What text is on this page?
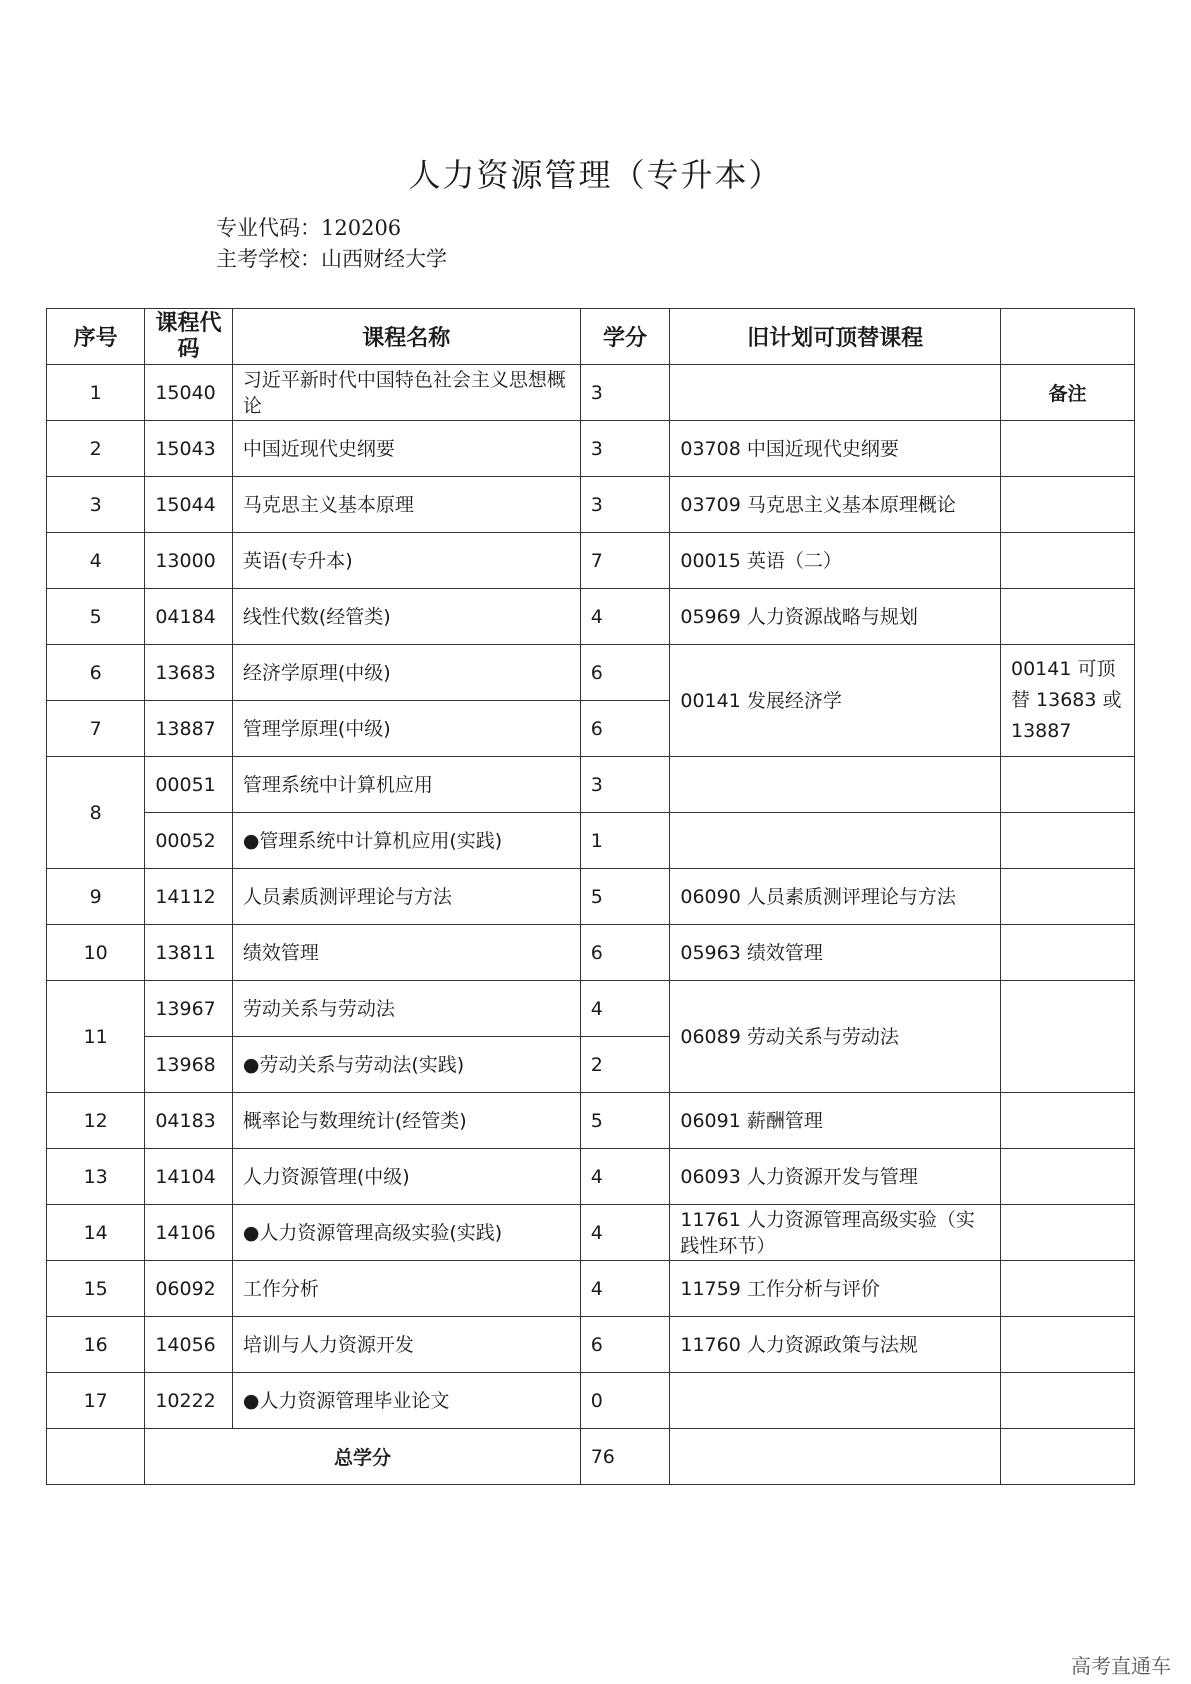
人力资源管理（专升本）
专业代码：120206
主考学校：山西财经大学
序号	课程代码	课程名称	学分	旧计划可顶替课程	
1	15040	习近平新时代中国特色社会主义思想概论	3		备注
2	15043	中国近现代史纲要	3	03708 中国近现代史纲要	
3	15044	马克思主义基本原理	3	03709 马克思主义基本原理概论	
4	13000	英语(专升本)	7	00015 英语（二）	
5	04184	线性代数(经管类)	4	05969 人力资源战略与规划	
6	13683	经济学原理(中级)	6	00141 发展经济学	00141 可顶替 13683 或 13887
7	13887	管理学原理(中级)	6		
8	00051	管理系统中计算机应用	3		
	00052	●管理系统中计算机应用(实践)	1		
9	14112	人员素质测评理论与方法	5	06090 人员素质测评理论与方法	
10	13811	绩效管理	6	05963 绩效管理	
11	13967	劳动关系与劳动法	4	06089 劳动关系与劳动法	
	13968	●劳动关系与劳动法(实践)	2		
12	04183	概率论与数理统计(经管类)	5	06091 薪酬管理	
13	14104	人力资源管理(中级)	4	06093 人力资源开发与管理	
14	14106	●人力资源管理高级实验(实践)	4	11761 人力资源管理高级实验（实践性环节）	
15	06092	工作分析	4	11759 工作分析与评价	
16	14056	培训与人力资源开发	6	11760 人力资源政策与法规	
17	10222	●人力资源管理毕业论文	0		
	总学分		76		
高考直通车
